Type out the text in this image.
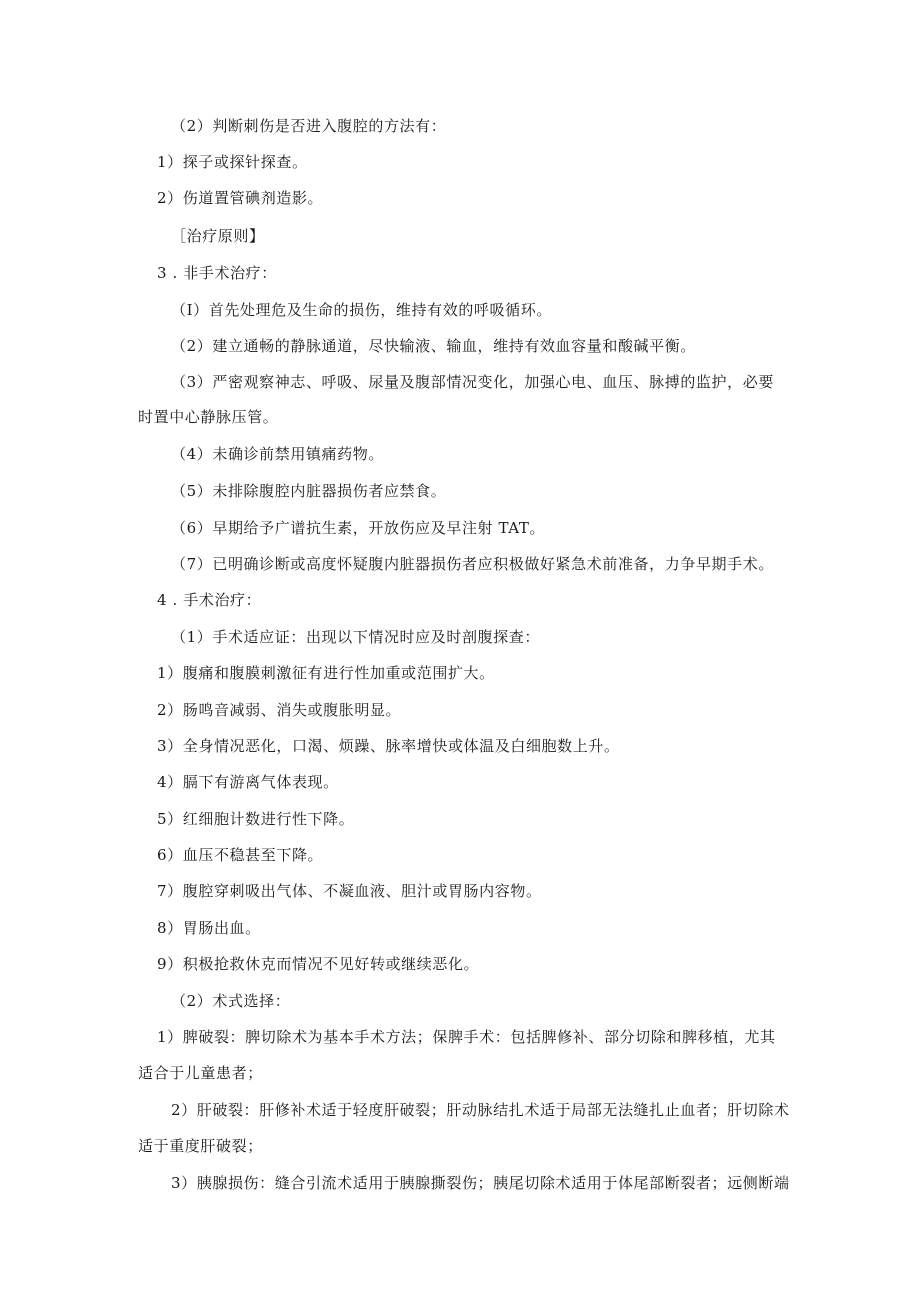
（2）判断刺伤是否进入腹腔的方法有：
1）探子或探针探查。
2）伤道置管碘剂造影。
［治疗原则】
3 . 非手术治疗：
（I）首先处理危及生命的损伤，维持有效的呼吸循环。
（2）建立通畅的静脉通道，尽快输液、输血，维持有效血容量和酸碱平衡。
（3）严密观察神志、呼吸、尿量及腹部情况变化，加强心电、血压、脉搏的监护，必要
时置中心静脉压管。
（4）未确诊前禁用镇痛药物。
（5）未排除腹腔内脏器损伤者应禁食。
（6）早期给予广谱抗生素，开放伤应及早注射 TAT。
（7）已明确诊断或高度怀疑腹内脏器损伤者应积极做好紧急术前准备，力争早期手术。
4 . 手术治疗：
（1）手术适应证：出现以下情况时应及时剖腹探查：
1）腹痛和腹膜刺激征有进行性加重或范围扩大。
2）肠鸣音减弱、消失或腹胀明显。
3）全身情况恶化，口渴、烦躁、脉率增快或体温及白细胞数上升。
4）膈下有游离气体表现。
5）红细胞计数进行性下降。
6）血压不稳甚至下降。
7）腹腔穿刺吸出气体、不凝血液、胆汁或胃肠内容物。
8）胃肠出血。
9）积极抢救休克而情况不见好转或继续恶化。
（2）术式选择：
1）脾破裂：脾切除术为基本手术方法；保脾手术：包括脾修补、部分切除和脾移植，尤其
适合于儿童患者；
2）肝破裂：肝修补术适于轻度肝破裂；肝动脉结扎术适于局部无法缝扎止血者；肝切除术
适于重度肝破裂；
3）胰腺损伤：缝合引流术适用于胰腺撕裂伤；胰尾切除术适用于体尾部断裂者；远侧断端
